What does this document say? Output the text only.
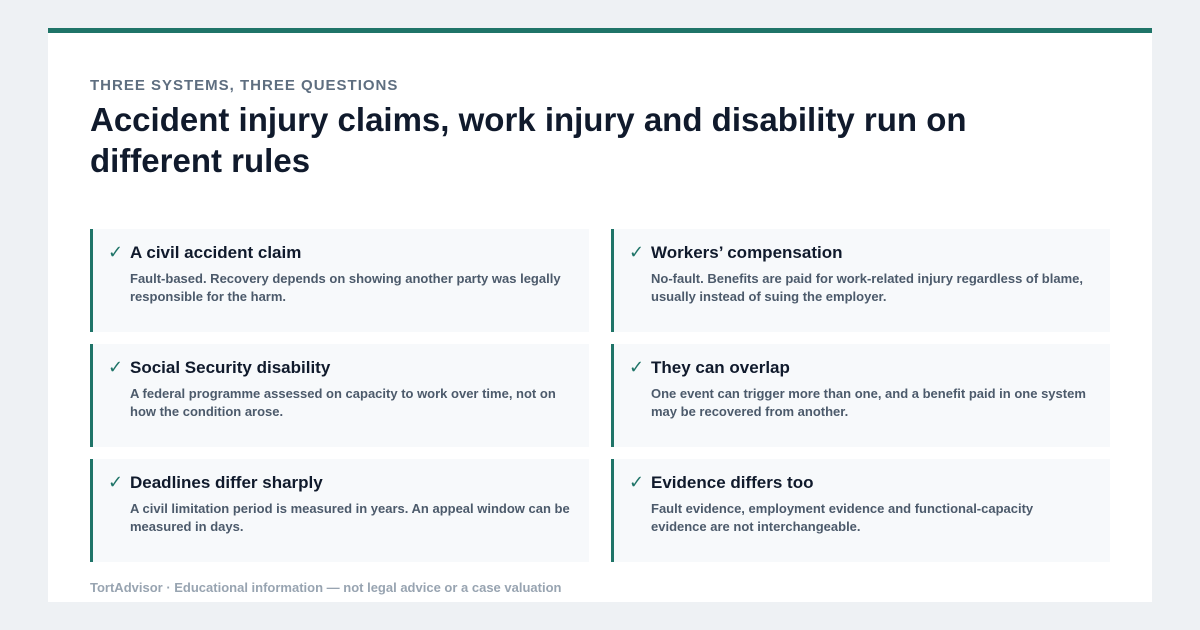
THREE SYSTEMS, THREE QUESTIONS
Accident injury claims, work injury and disability run on different rules
✓ A civil accident claim
Fault-based. Recovery depends on showing another party was legally responsible for the harm.
✓ Workers’ compensation
No-fault. Benefits are paid for work-related injury regardless of blame, usually instead of suing the employer.
✓ Social Security disability
A federal programme assessed on capacity to work over time, not on how the condition arose.
✓ They can overlap
One event can trigger more than one, and a benefit paid in one system may be recovered from another.
✓ Deadlines differ sharply
A civil limitation period is measured in years. An appeal window can be measured in days.
✓ Evidence differs too
Fault evidence, employment evidence and functional-capacity evidence are not interchangeable.
TortAdvisor · Educational information — not legal advice or a case valuation
